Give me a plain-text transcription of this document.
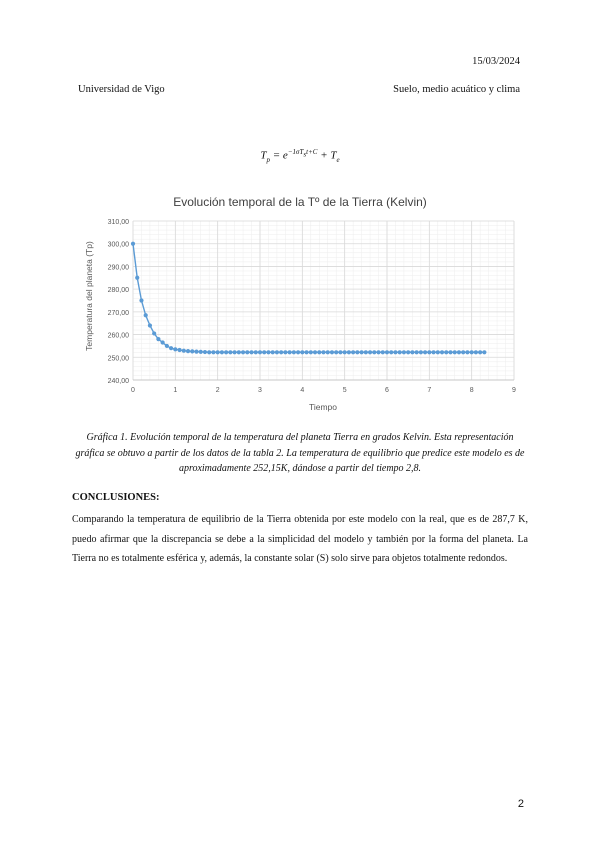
15/03/2024
Universidad de Vigo	Suelo, medio acuático y clima
$T_p = e^{-1\sigma T_st+C} + T_e$
Evolución temporal de la Tº de la Tierra (Kelvin)
240,00
250,00
260,00
270,00
280,00
290,00
300,00
310,00
0	1	2	3	4	5	6	7	8	9
Tiempo
Temperatura del planeta (Tp)
Gráfica 1. Evolución temporal de la temperatura del planeta Tierra en grados Kelvin. Esta representación gráfica se obtuvo a partir de los datos de la tabla 2. La temperatura de equilibrio que predice este modelo es de aproximadamente 252,15K, dándose a partir del tiempo 2,8.
CONCLUSIONES:
Comparando la temperatura de equilibrio de la Tierra obtenida por este modelo con la real, que es de 287,7 K, puedo afirmar que la discrepancia se debe a la simplicidad del modelo y también por la forma del planeta. La Tierra no es totalmente esférica y, además, la constante solar (S) solo sirve para objetos totalmente redondos.
2
